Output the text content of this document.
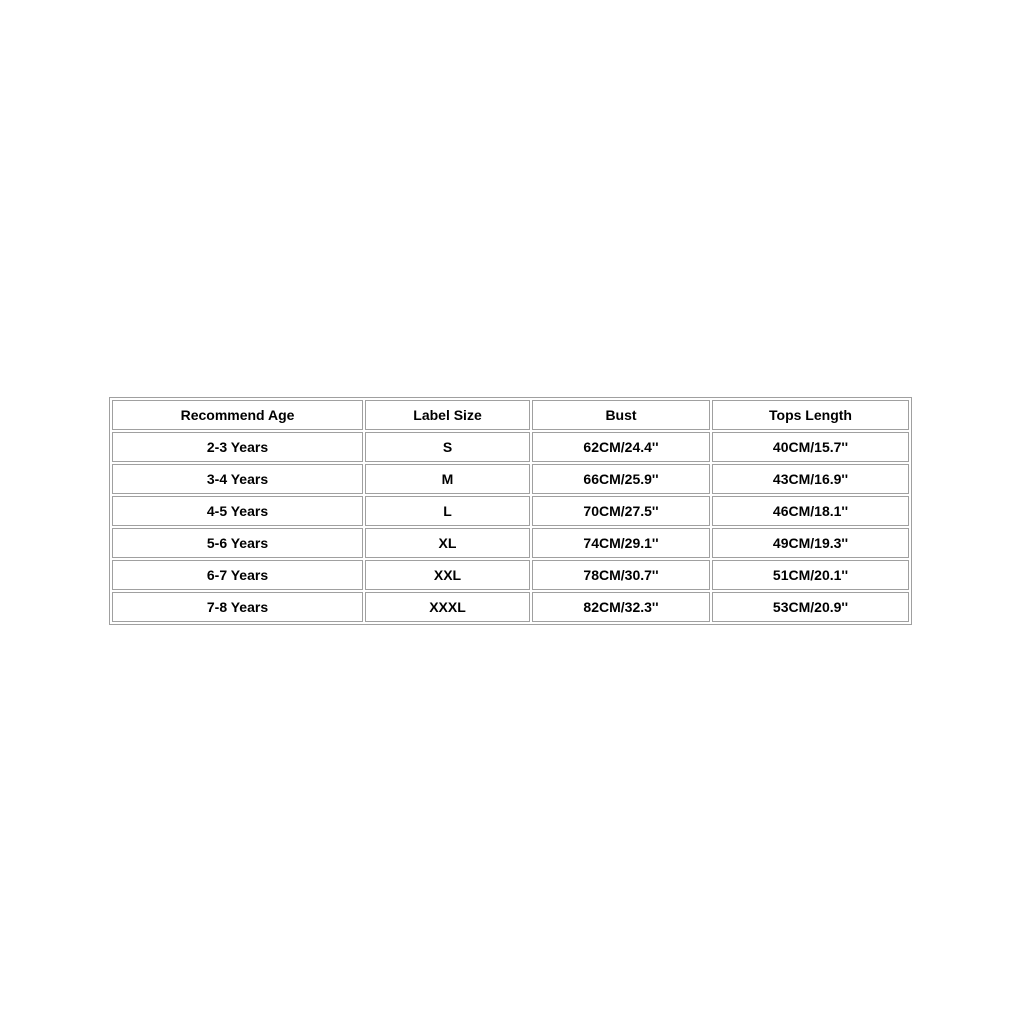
Recommend Age	Label Size	Bust	Tops Length
2-3 Years	S	62CM/24.4''	40CM/15.7''
3-4 Years	M	66CM/25.9''	43CM/16.9''
4-5 Years	L	70CM/27.5''	46CM/18.1''
5-6 Years	XL	74CM/29.1''	49CM/19.3''
6-7 Years	XXL	78CM/30.7''	51CM/20.1''
7-8 Years	XXXL	82CM/32.3''	53CM/20.9''
